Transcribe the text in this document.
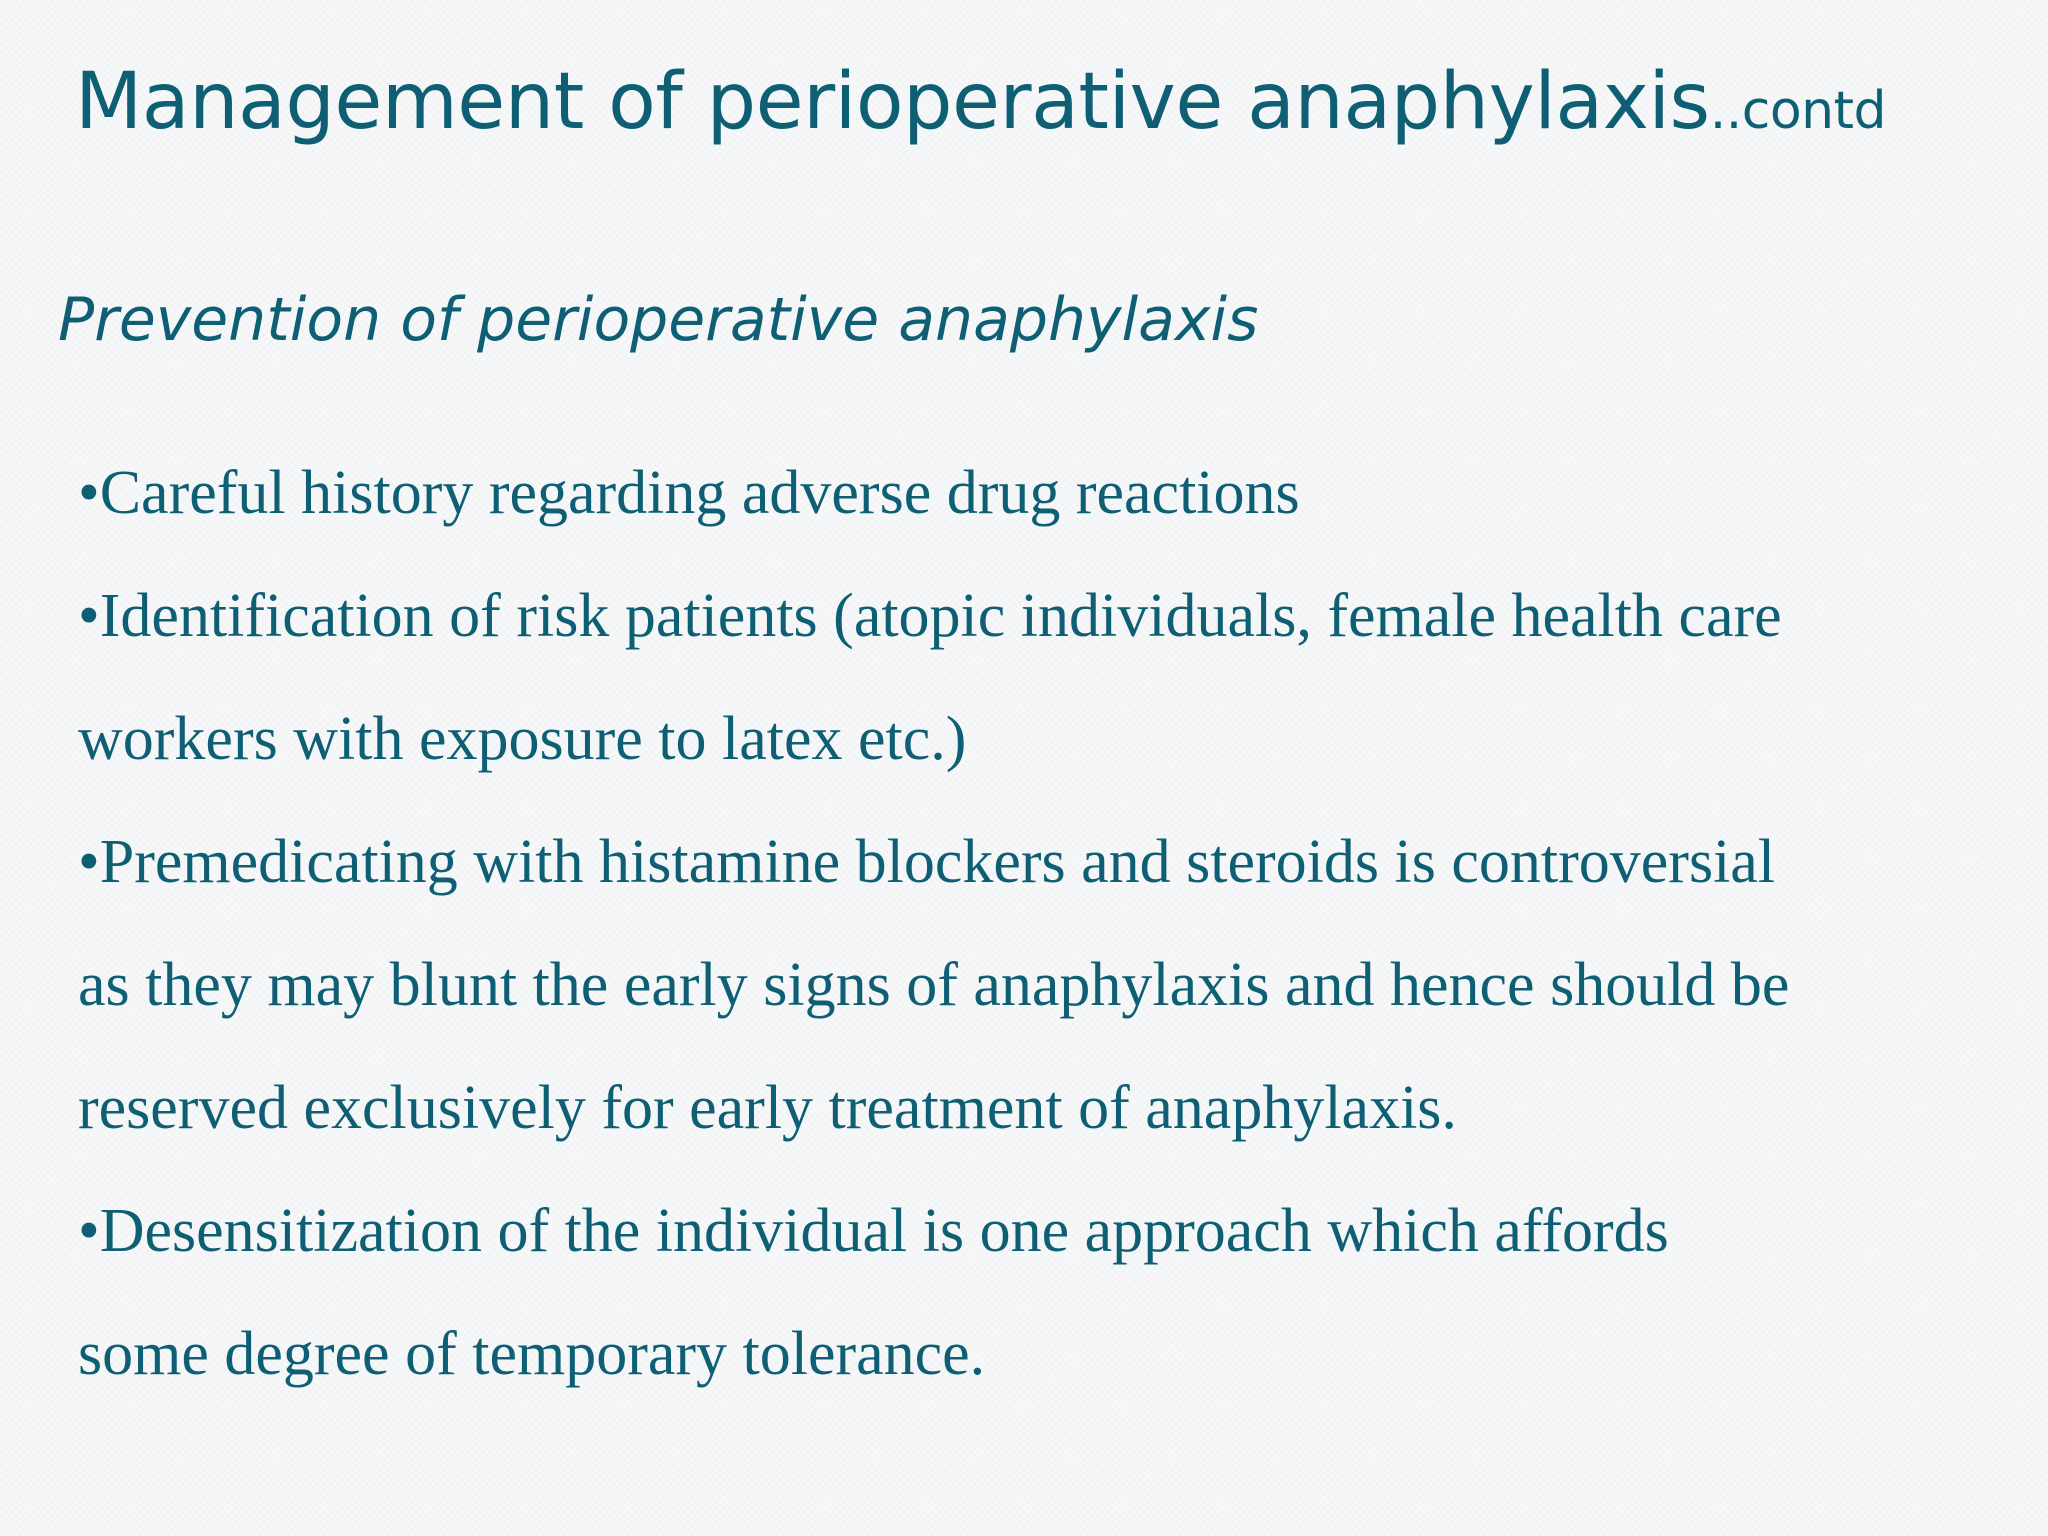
Management of perioperative anaphylaxis..contd
Prevention of perioperative anaphylaxis
•Careful history regarding adverse drug reactions
•Identification of risk patients (atopic individuals, female health care
workers with exposure to latex etc.)
•Premedicating with histamine blockers and steroids is controversial
as they may blunt the early signs of anaphylaxis and hence should be
reserved exclusively for early treatment of anaphylaxis.
•Desensitization of the individual is one approach which affords
some degree of temporary tolerance.
